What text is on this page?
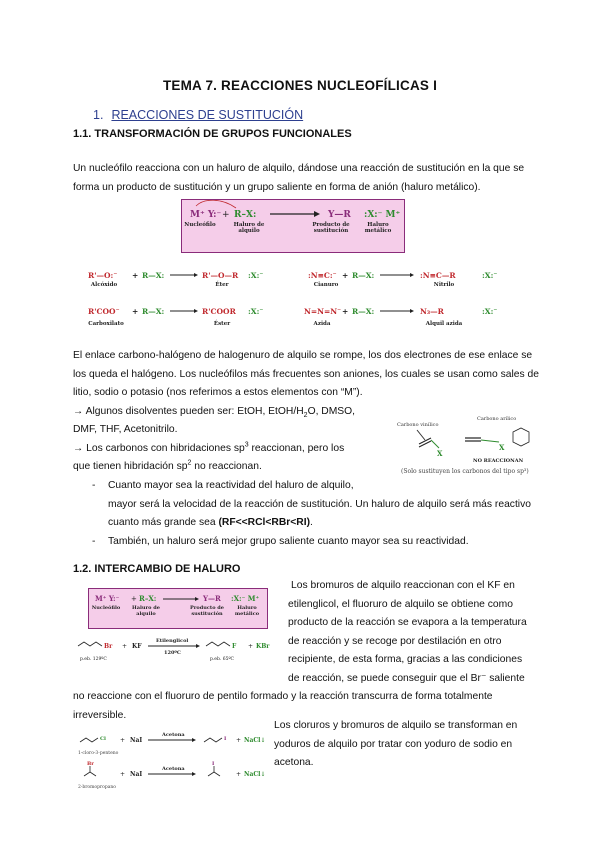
TEMA 7. REACCIONES NUCLEOFÍLICAS I
1. REACCIONES DE SUSTITUCIÓN
1.1. TRANSFORMACIÓN DE GRUPOS FUNCIONALES
Un nucleófilo reacciona con un haluro de alquilo, dándose una reacción de sustitución en la que se
forma un producto de sustitución y un grupo saliente en forma de anión (haluro metálico).
M⁺ Y:⁻ + R–X:	Y—R :X:⁻ M⁺
Nucleófilo	Haluro de alquilo
Producto de sustitución
Haluro metálico
R'—O:⁻ + R—X:	R'—O—R :X:⁻	:N≡C:⁻ + R—X:	:N≡C—R	:X:⁻
R'COO⁻ + R—X:	R'COOR :X:⁻	N=N=N⁻ + R—X:	N₃—R	:X:⁻
Alcóxido	Éter	Cianuro	Nitrilo
Carboxilato	Éster	Azida	Alquil azida
El enlace carbono-halógeno de halogenuro de alquilo se rompe, los dos electrones de ese enlace se
los queda el halógeno. Los nucleófilos más frecuentes son aniones, los cuales se usan como sales de
litio, sodio o potasio (nos referimos a estos elementos con “M”).
→ Algunos disolventes pueden ser: EtOH, EtOH/$H_2O$, DMSO,
DMF, THF, Acetonitrilo.
→ Los carbonos con hibridaciones $sp^3$ reaccionan, pero los
que tienen hibridación $sp^2$ no reaccionan.
Carbono vinílico
X
Carbono arílico
X
NO REACCIONAN
(Solo sustituyen los carbonos del tipo sp³)
- Cuanto mayor sea la reactividad del haluro de alquilo,
mayor será la velocidad de la reacción de sustitución. Un haluro de alquilo será más reactivo
cuanto más grande sea (RF<<RCl<RBr<RI).
- También, un haluro será mejor grupo saliente cuanto mayor sea su reactividad.
1.2. INTERCAMBIO DE HALURO
M⁺ Y:⁻ + R–X:	Y—R :X:⁻ M⁺
Nucleófilo	Haluro de alquilo
Producto de sustitución
Haluro metálico
Br + KF
Etilenglicol
120ºC
F + KBr
p.eb. 129ºC	p.eb. 65ºC
Los bromuros de alquilo reaccionan con el KF en
etilenglicol, el fluoruro de alquilo se obtiene como
producto de la reacción se evapora a la temperatura
de reacción y se recoge por destilación en otro
recipiente, de esta forma, gracias a las condiciones
de reacción, se puede conseguir que el Br⁻ saliente
no reaccione con el fluoruro de pentilo formado y la reacción transcurra de forma totalmente
irreversible.
Cl + NaI
Acetona
I + NaCl↓
1-cloro-3-penteno
Br
+ NaI
Acetona
I
+ NaCl↓
2-bromopropano
Los cloruros y bromuros de alquilo se transforman en
yoduros de alquilo por tratar con yoduro de sodio en
acetona.
